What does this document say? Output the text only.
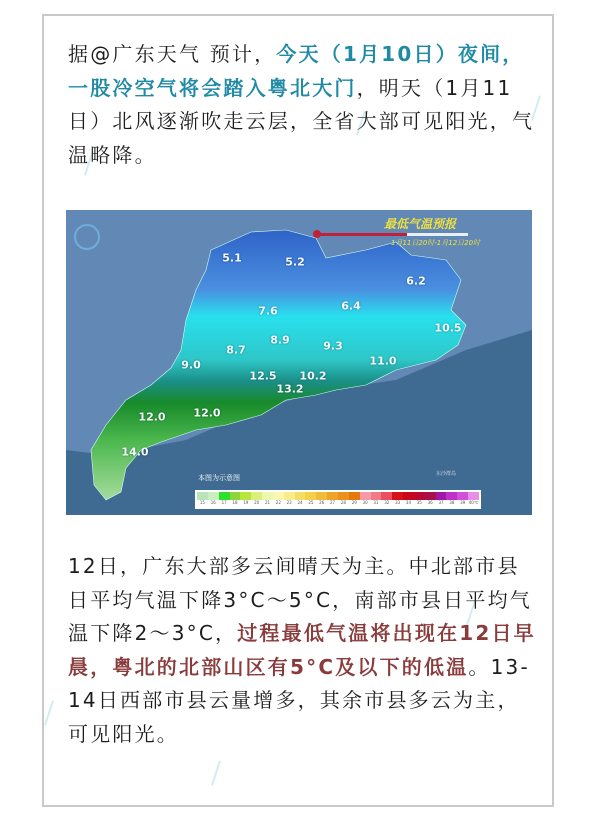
据@广东天气 预计，今天（1月10日）夜间，一股冷空气将会踏入粤北大门，明天（1月11日）北风逐渐吹走云层，全省大部可见阳光，气温略降。

最低气温预报
1月11日20时-1月12日20时
5.1	5.2
6.2
7.6	6.4
10.5
8.9	9.3
8.7
11.0
9.0
12.5 10.2
13.2
12.0	12.0
14.0
东沙群岛
本图为示意图
15	16	17	18	19	20	21	22	23	24	25	26	27	28	29	30	31	32	33	34	35	36	37	38	39 40℃

12日，广东大部多云间晴天为主。中北部市县日平均气温下降3°C～5°C，南部市县日平均气温下降2～3°C，过程最低气温将出现在12日早晨，粤北的北部山区有5°C及以下的低温。13-14日西部市县云量增多，其余市县多云为主，可见阳光。
